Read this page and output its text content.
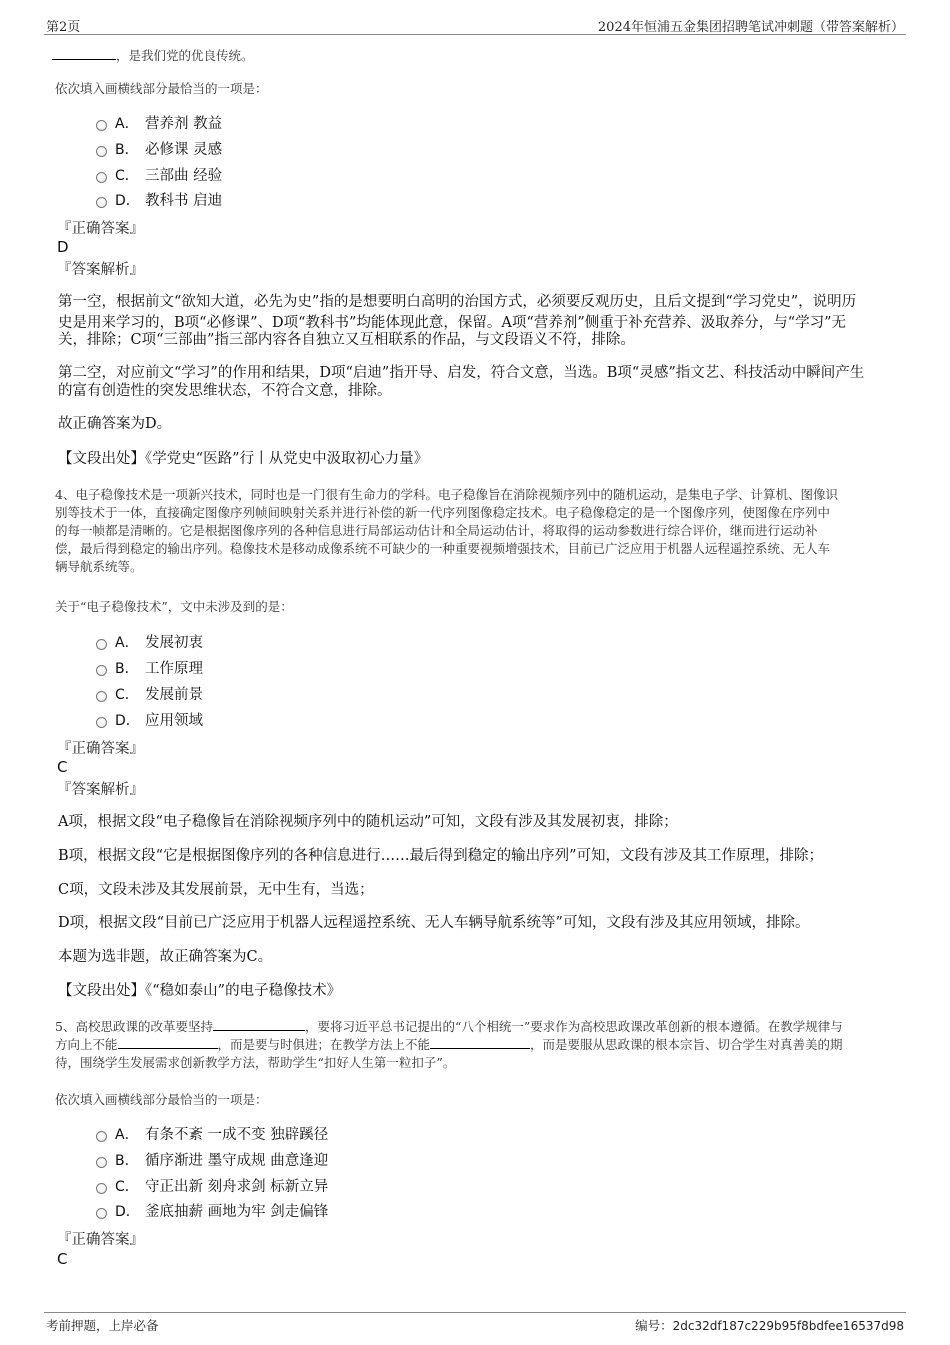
第2页	2024年恒浦五金集团招聘笔试冲刺题（带答案解析）
，是我们党的优良传统。
依次填入画横线部分最恰当的一项是：
A． 营养剂 教益
B． 必修课 灵感
C． 三部曲 经验
D． 教科书 启迪
『正确答案』
D
『答案解析』
第一空，根据前文“欲知大道，必先为史”指的是想要明白高明的治国方式，必须要反观历史，且后文提到“学习党史”，说明历
史是用来学习的，B项“必修课”、D项“教科书”均能体现此意，保留。A项“营养剂”侧重于补充营养、汲取养分，与“学习”无
关，排除；C项“三部曲”指三部内容各自独立又互相联系的作品，与文段语义不符，排除。
第二空，对应前文“学习”的作用和结果，D项“启迪”指开导、启发，符合文意，当选。B项“灵感”指文艺、科技活动中瞬间产生
的富有创造性的突发思维状态，不符合文意，排除。
故正确答案为D。
【文段出处】《学党史“医路”行丨从党史中汲取初心力量》
4、电子稳像技术是一项新兴技术，同时也是一门很有生命力的学科。电子稳像旨在消除视频序列中的随机运动，是集电子学、计算机、图像识
别等技术于一体，直接确定图像序列帧间映射关系并进行补偿的新一代序列图像稳定技术。电子稳像稳定的是一个图像序列，使图像在序列中
的每一帧都是清晰的。它是根据图像序列的各种信息进行局部运动估计和全局运动估计，将取得的运动参数进行综合评价，继而进行运动补
偿，最后得到稳定的输出序列。稳像技术是移动成像系统不可缺少的一种重要视频增强技术，目前已广泛应用于机器人远程遥控系统、无人车
辆导航系统等。
关于“电子稳像技术”，文中未涉及到的是：
A． 发展初衷
B． 工作原理
C． 发展前景
D． 应用领域
『正确答案』
C
『答案解析』
A项，根据文段“电子稳像旨在消除视频序列中的随机运动”可知，文段有涉及其发展初衷，排除；
B项，根据文段“它是根据图像序列的各种信息进行……最后得到稳定的输出序列”可知，文段有涉及其工作原理，排除；
C项，文段未涉及其发展前景，无中生有，当选；
D项，根据文段“目前已广泛应用于机器人远程遥控系统、无人车辆导航系统等”可知，文段有涉及其应用领域，排除。
本题为选非题，故正确答案为C。
【文段出处】《“稳如泰山”的电子稳像技术》
5、高校思政课的改革要坚持	，要将习近平总书记提出的“八个相统一”要求作为高校思政课改革创新的根本遵循。在教学规律与
方向上不能	，而是要与时俱进；在教学方法上不能	，而是要服从思政课的根本宗旨、切合学生对真善美的期
待，围绕学生发展需求创新教学方法，帮助学生“扣好人生第一粒扣子”。
依次填入画横线部分最恰当的一项是：
A． 有条不紊 一成不变 独辟蹊径
B． 循序渐进 墨守成规 曲意逢迎
C． 守正出新 刻舟求剑 标新立异
D． 釜底抽薪 画地为牢 剑走偏锋
『正确答案』
C
考前押题，上岸必备	编号：2dc32df187c229b95f8bdfee16537d98
